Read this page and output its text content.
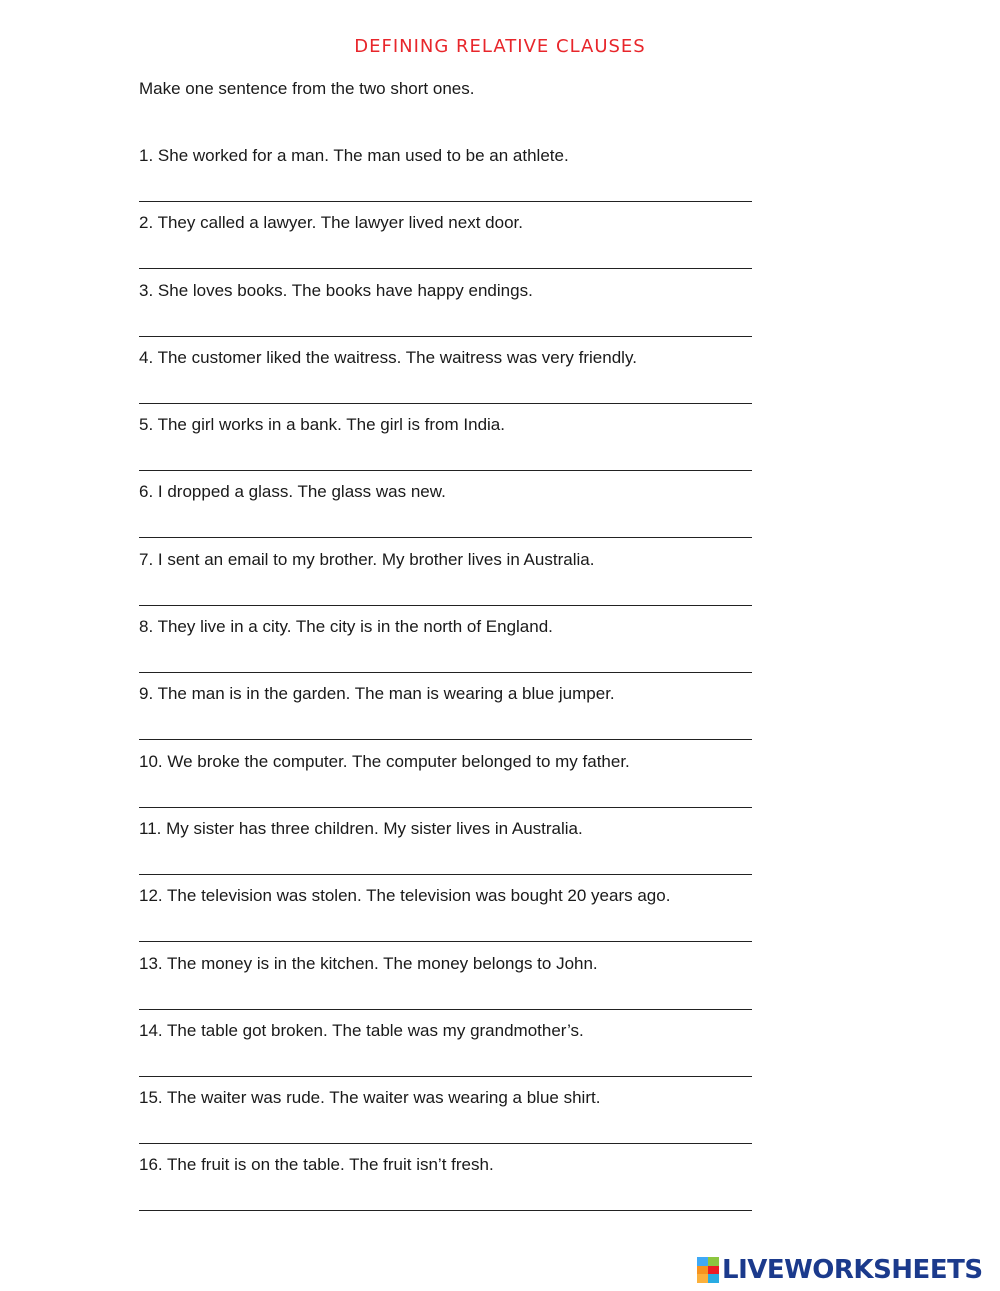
DEFINING RELATIVE CLAUSES
Make one sentence from the two short ones.
1. She worked for a man. The man used to be an athlete.
2. They called a lawyer. The lawyer lived next door.
3. She loves books. The books have happy endings.
4. The customer liked the waitress. The waitress was very friendly.
5. The girl works in a bank. The girl is from India.
6. I dropped a glass. The glass was new.
7. I sent an email to my brother. My brother lives in Australia.
8. They live in a city. The city is in the north of England.
9. The man is in the garden. The man is wearing a blue jumper.
10. We broke the computer. The computer belonged to my father.
11. My sister has three children. My sister lives in Australia.
12. The television was stolen. The television was bought 20 years ago.
13. The money is in the kitchen. The money belongs to John.
14. The table got broken. The table was my grandmother’s.
15. The waiter was rude. The waiter was wearing a blue shirt.
16. The fruit is on the table. The fruit isn’t fresh.
LIVEWORKSHEETS
